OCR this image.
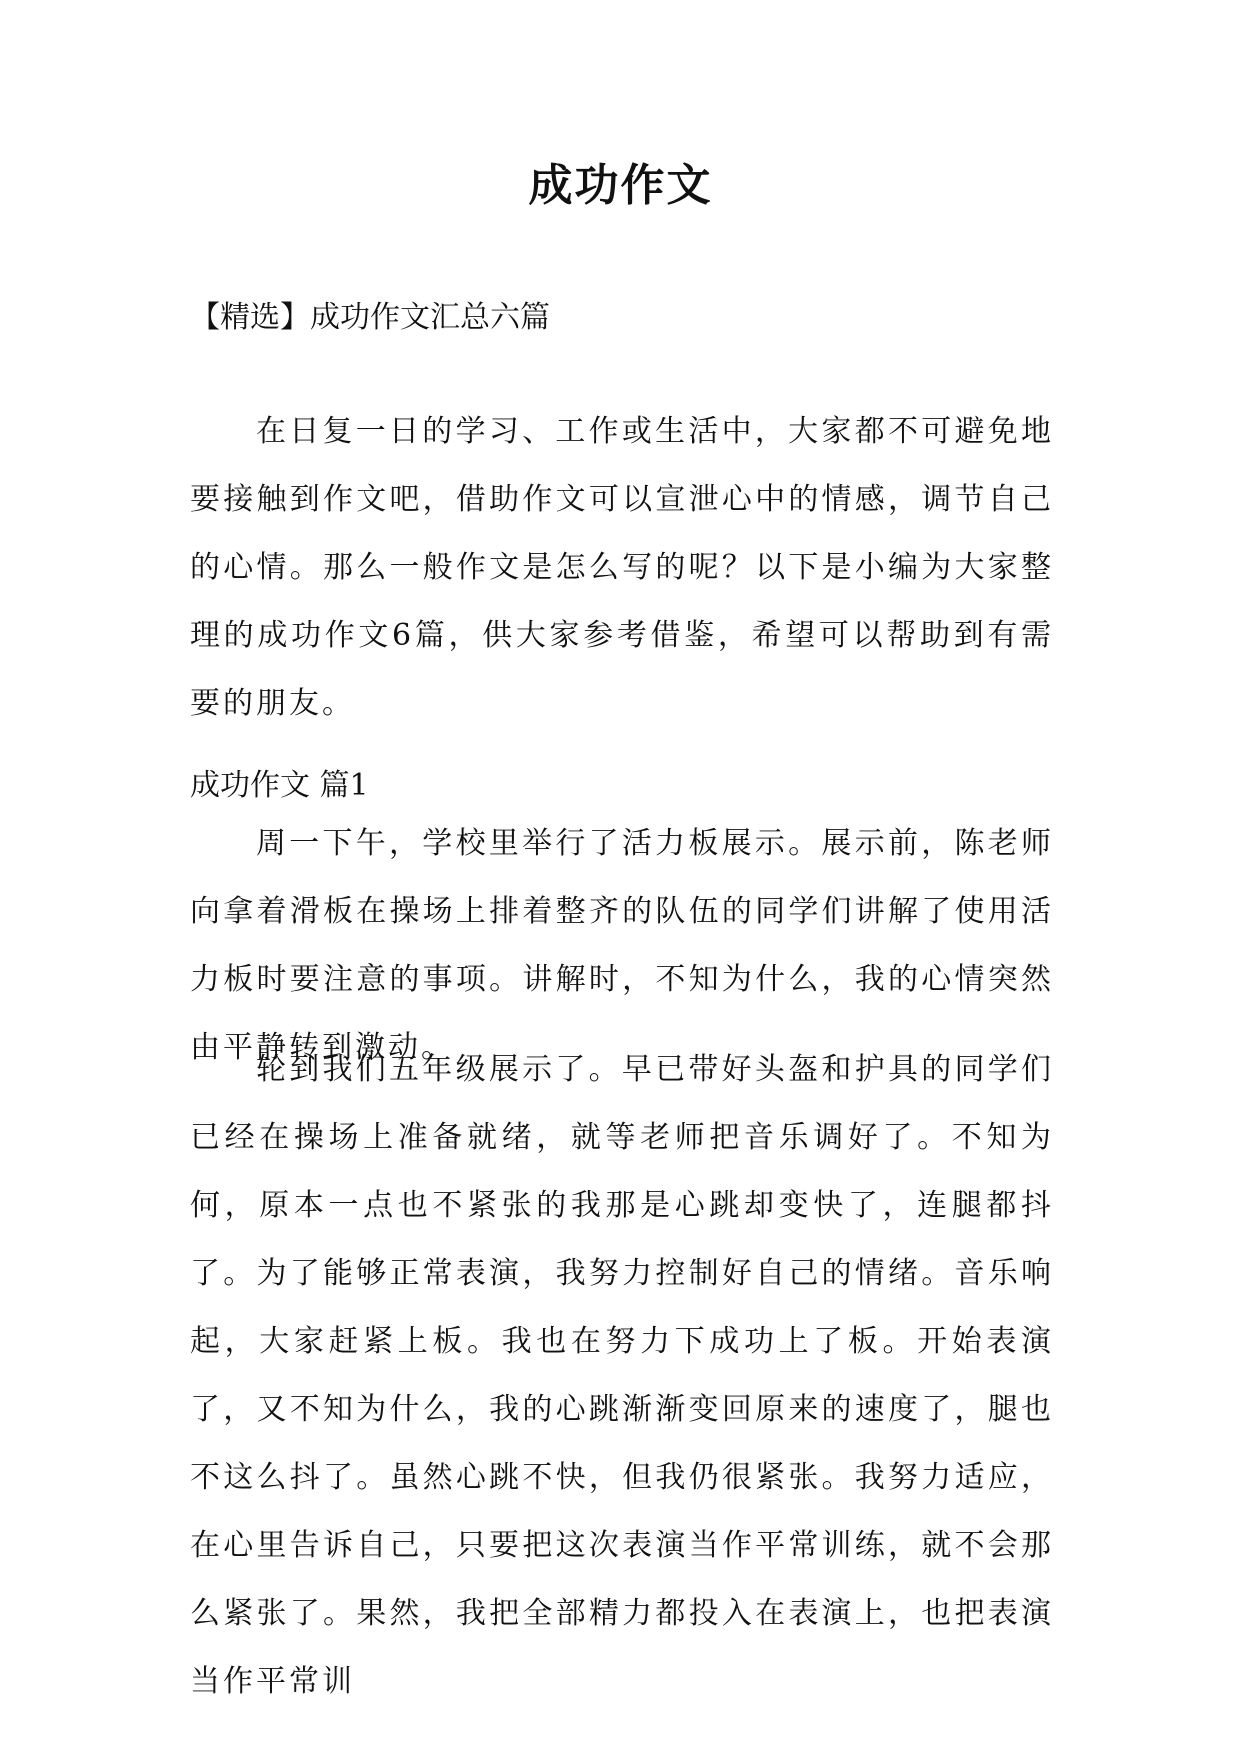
成功作文

【精选】成功作文汇总六篇

在日复一日的学习、工作或生活中，大家都不可避免地要接触到作文吧，借助作文可以宣泄心中的情感，调节自己的心情。那么一般作文是怎么写的呢？以下是小编为大家整理的成功作文6篇，供大家参考借鉴，希望可以帮助到有需要的朋友。

成功作文 篇1

周一下午，学校里举行了活力板展示。展示前，陈老师向拿着滑板在操场上排着整齐的队伍的同学们讲解了使用活力板时要注意的事项。讲解时，不知为什么，我的心情突然由平静转到激动。

轮到我们五年级展示了。早已带好头盔和护具的同学们已经在操场上准备就绪，就等老师把音乐调好了。不知为何，原本一点也不紧张的我那是心跳却变快了，连腿都抖了。为了能够正常表演，我努力控制好自己的情绪。音乐响起，大家赶紧上板。我也在努力下成功上了板。开始表演了，又不知为什么，我的心跳渐渐变回原来的速度了，腿也不这么抖了。虽然心跳不快，但我仍很紧张。我努力适应，在心里告诉自己，只要把这次表演当作平常训练，就不会那么紧张了。果然，我把全部精力都投入在表演上，也把表演当作平常训
